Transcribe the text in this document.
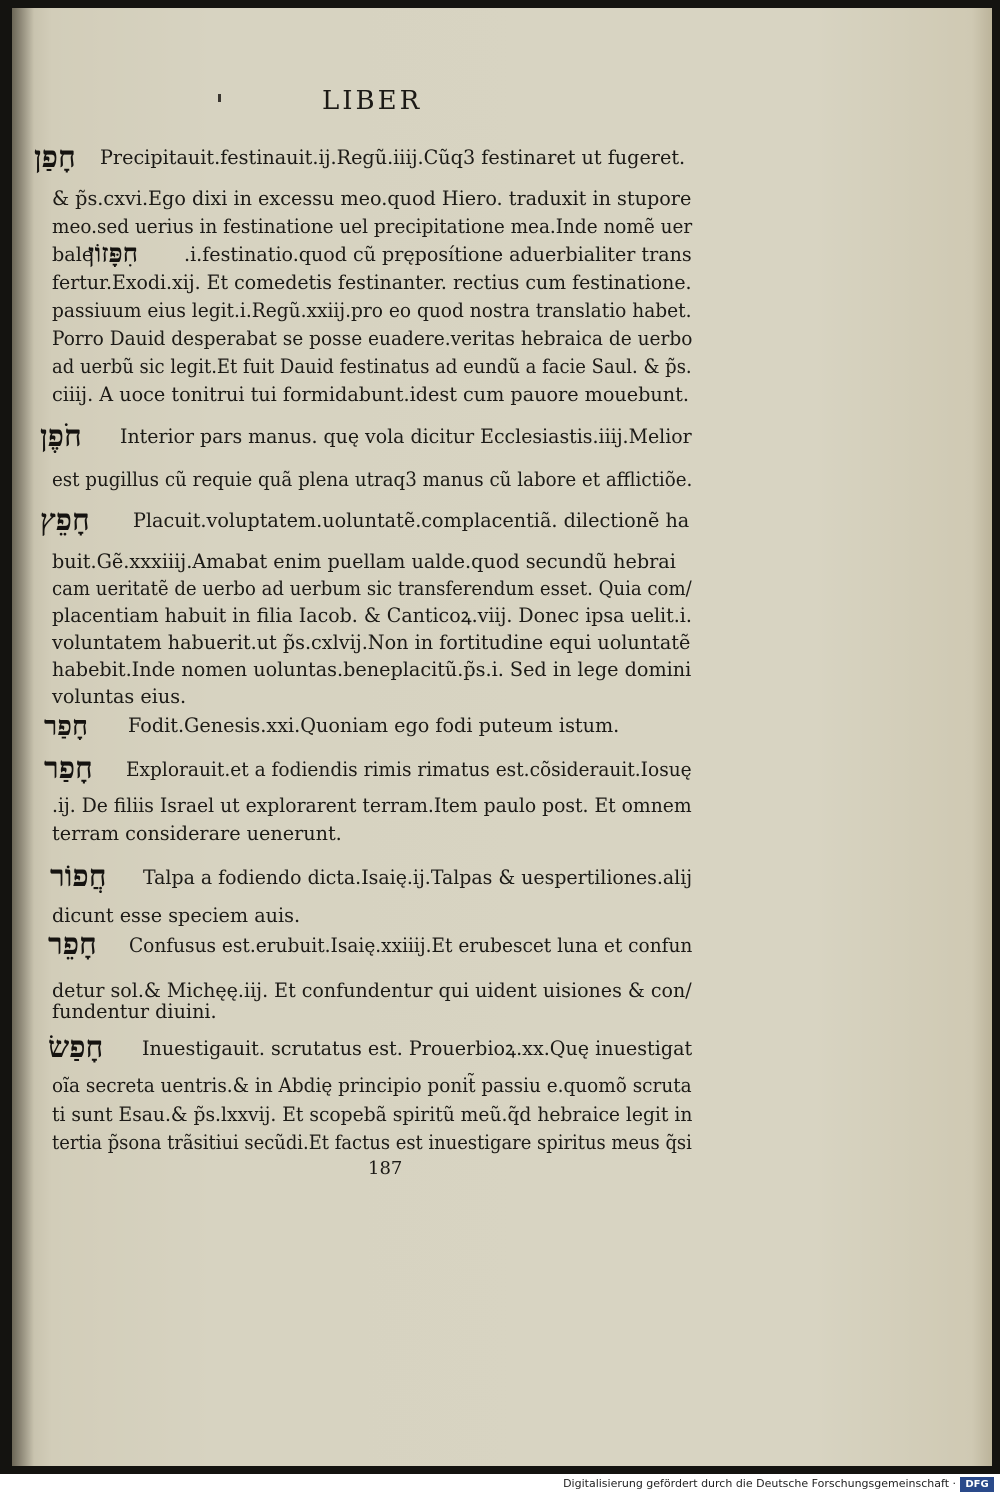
LIBER
חָפַן Precipitauit.festinauit.ij.Regũ.iiij.Cũq3 festinaret ut fugeret.
& p̃s.cxvi.Ego dixi in excessu meo.quod Hiero. traduxit in stupore
meo.sed uerius in festinatione uel precipitatione mea.Inde nomẽ uer
bale
חִפָּזוֹן .i.festinatio.quod cũ pręposítione aduerbialiter trans
fertur.Exodi.xij. Et comedetis festinanter. rectius cum festinatione.
passiuum eius legit.i.Regũ.xxiij.pro eo quod nostra translatio habet.
Porro Dauid desperabat se posse euadere.veritas hebraica de uerbo
ad uerbũ sic legit.Et fuit Dauid festinatus ad eundũ a facie Saul. & p̃s.
ciiij. A uoce tonitrui tui formidabunt.idest cum pauore mouebunt.
חֹפֶן Interior pars manus. quę vola dicitur Ecclesiastis.iiij.Melior
est pugillus cũ requie quã plena utraq3 manus cũ labore et afflictiõe.
חָפֵץ Placuit.voluptatem.uoluntatẽ.complacentiã. dilectionẽ ha
buit.Gẽ.xxxiiij.Amabat enim puellam ualde.quod secundũ hebrai
cam ueritatẽ de uerbo ad uerbum sic transferendum esset. Quia com/
placentiam habuit in filia Iacob. & Canticoꝝ.viij. Donec ipsa uelit.i.
voluntatem habuerit.ut p̃s.cxlvij.Non in fortitudine equi uoluntatẽ
habebit.Inde nomen uoluntas.beneplacitũ.p̃s.i. Sed in lege domini
voluntas eius.
חָפַר Fodit.Genesis.xxi.Quoniam ego fodi puteum istum.
חָפַר Explorauit.et a fodiendis rimis rimatus est.cõsiderauit.Iosuę
.ij. De filiis Israel ut explorarent terram.Item paulo post. Et omnem
terram considerare uenerunt.
חֲפוֹר Talpa a fodiendo dicta.Isaię.ij.Talpas & uespertiliones.alij
dicunt esse speciem auis.
חָפֵר Confusus est.erubuit.Isaię.xxiiij.Et erubescet luna et confun
detur sol.& Michęę.iij. Et confundentur qui uident uisiones & con/
fundentur diuini.
חָפַשׂ Inuestigauit. scrutatus est. Prouerbioꝝ.xx.Quę inuestigat
oĩa secreta uentris.& in Abdię principio ponit̃ passiu e.quomõ scruta
ti sunt Esau.& p̃s.lxxvij. Et scopebã spiritũ meũ.q̃d hebraice legit in
tertia p̃sona trãsitiui secũdi.Et factus est inuestigare spiritus meus q̃si
187
Digitalisierung gefördert durch die Deutsche Forschungsgemeinschaft · DFG
